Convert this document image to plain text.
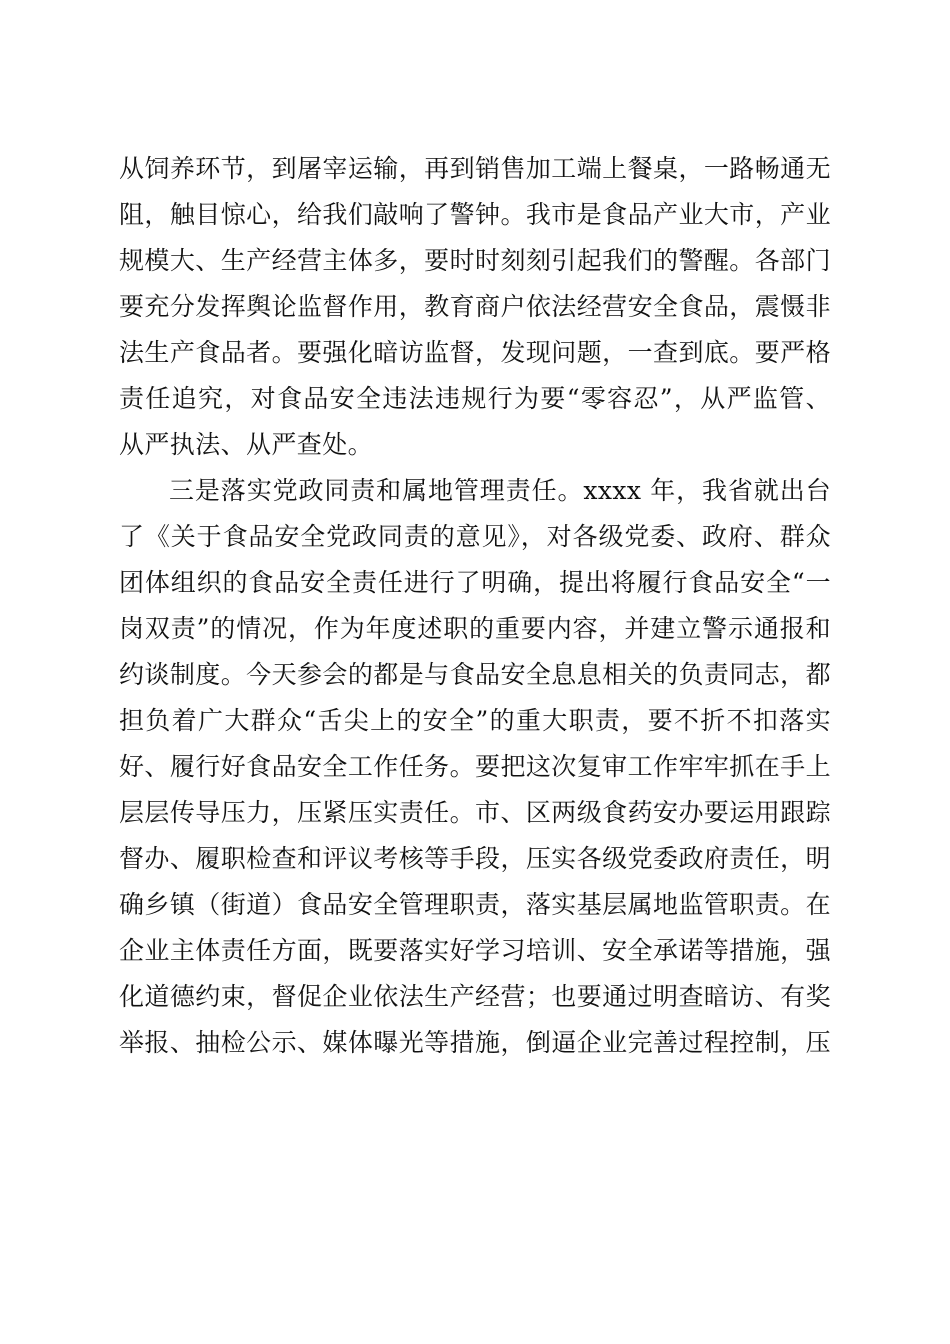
从饲养环节，到屠宰运输，再到销售加工端上餐桌，一路畅通无
阻，触目惊心，给我们敲响了警钟。我市是食品产业大市，产业
规模大、生产经营主体多，要时时刻刻引起我们的警醒。各部门
要充分发挥舆论监督作用，教育商户依法经营安全食品，震慑非
法生产食品者。要强化暗访监督，发现问题，一查到底。要严格
责任追究，对食品安全违法违规行为要“零容忍”，从严监管、
从严执法、从严查处。
三是落实党政同责和属地管理责任。xxxx 年，我省就出台
了《关于食品安全党政同责的意见》，对各级党委、政府、群众
团体组织的食品安全责任进行了明确，提出将履行食品安全“一
岗双责”的情况，作为年度述职的重要内容，并建立警示通报和
约谈制度。今天参会的都是与食品安全息息相关的负责同志，都
担负着广大群众“舌尖上的安全”的重大职责，要不折不扣落实
好、履行好食品安全工作任务。要把这次复审工作牢牢抓在手上
层层传导压力，压紧压实责任。市、区两级食药安办要运用跟踪
督办、履职检查和评议考核等手段，压实各级党委政府责任，明
确乡镇（街道）食品安全管理职责，落实基层属地监管职责。在
企业主体责任方面，既要落实好学习培训、安全承诺等措施，强
化道德约束，督促企业依法生产经营；也要通过明查暗访、有奖
举报、抽检公示、媒体曝光等措施，倒逼企业完善过程控制，压
